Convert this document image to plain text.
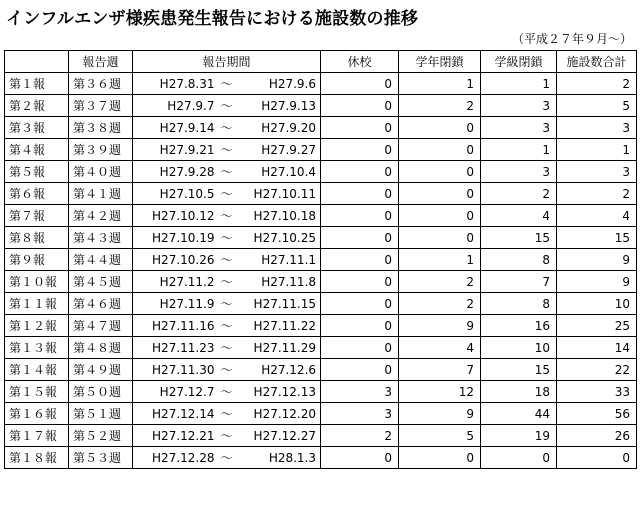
インフルエンザ様疾患発生報告における施設数の推移
（平成２７年９月～）
	報告週	報告期間	休校	学年閉鎖	学級閉鎖	施設数合計
第１報	第３６週	H27.8.31 ～ H27.9.6	0	1	1	2
第２報	第３７週	H27.9.7 ～ H27.9.13	0	2	3	5
第３報	第３８週	H27.9.14 ～ H27.9.20	0	0	3	3
第４報	第３９週	H27.9.21 ～ H27.9.27	0	0	1	1
第５報	第４０週	H27.9.28 ～ H27.10.4	0	0	3	3
第６報	第４１週	H27.10.5 ～ H27.10.11	0	0	2	2
第７報	第４２週	H27.10.12 ～ H27.10.18	0	0	4	4
第８報	第４３週	H27.10.19 ～ H27.10.25	0	0	15	15
第９報	第４４週	H27.10.26 ～ H27.11.1	0	1	8	9
第１０報	第４５週	H27.11.2 ～ H27.11.8	0	2	7	9
第１１報	第４６週	H27.11.9 ～ H27.11.15	0	2	8	10
第１２報	第４７週	H27.11.16 ～ H27.11.22	0	9	16	25
第１３報	第４８週	H27.11.23 ～ H27.11.29	0	4	10	14
第１４報	第４９週	H27.11.30 ～ H27.12.6	0	7	15	22
第１５報	第５０週	H27.12.7 ～ H27.12.13	3	12	18	33
第１６報	第５１週	H27.12.14 ～ H27.12.20	3	9	44	56
第１７報	第５２週	H27.12.21 ～ H27.12.27	2	5	19	26
第１８報	第５３週	H27.12.28 ～ H28.1.3	0	0	0	0
